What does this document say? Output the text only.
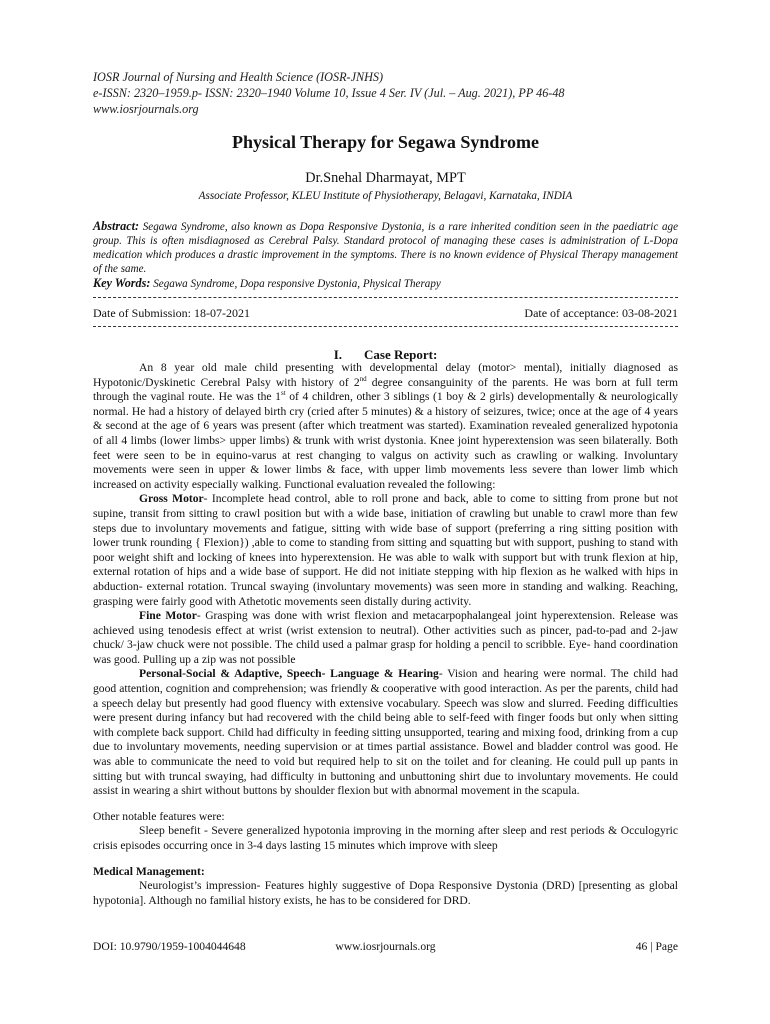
IOSR Journal of Nursing and Health Science (IOSR-JNHS)
e-ISSN: 2320–1959.p- ISSN: 2320–1940 Volume 10, Issue 4 Ser. IV (Jul. – Aug. 2021), PP 46-48
www.iosrjournals.org
Physical Therapy for Segawa Syndrome
Dr.Snehal Dharmayat, MPT
Associate Professor, KLEU Institute of Physiotherapy, Belagavi, Karnataka, INDIA
Abstract: Segawa Syndrome, also known as Dopa Responsive Dystonia, is a rare inherited condition seen in the paediatric age group. This is often misdiagnosed as Cerebral Palsy. Standard protocol of managing these cases is administration of L-Dopa medication which produces a drastic improvement in the symptoms. There is no known evidence of Physical Therapy management of the same.
Key Words: Segawa Syndrome, Dopa responsive Dystonia, Physical Therapy
Date of Submission: 18-07-2021	Date of acceptance: 03-08-2021
I. Case Report:

An 8 year old male child presenting with developmental delay (motor> mental), initially diagnosed as Hypotonic/Dyskinetic Cerebral Palsy with history of 2nd degree consanguinity of the parents. He was born at full term through the vaginal route. He was the 1st of 4 children, other 3 siblings (1 boy & 2 girls) developmentally & neurologically normal. He had a history of delayed birth cry (cried after 5 minutes) & a history of seizures, twice; once at the age of 4 years & second at the age of 6 years was present (after which treatment was started). Examination revealed generalized hypotonia of all 4 limbs (lower limbs> upper limbs) & trunk with wrist dystonia. Knee joint hyperextension was seen bilaterally. Both feet were seen to be in equino-varus at rest changing to valgus on activity such as crawling or walking. Involuntary movements were seen in upper & lower limbs & face, with upper limb movements less severe than lower limb which increased on activity especially walking. Functional evaluation revealed the following:

Gross Motor- Incomplete head control, able to roll prone and back, able to come to sitting from prone but not supine, transit from sitting to crawl position but with a wide base, initiation of crawling but unable to crawl more than few steps due to involuntary movements and fatigue, sitting with wide base of support (preferring a ring sitting position with lower trunk rounding { Flexion}) ,able to come to standing from sitting and squatting but with support, pushing to stand with poor weight shift and locking of knees into hyperextension. He was able to walk with support but with trunk flexion at hip, external rotation of hips and a wide base of support. He did not initiate stepping with hip flexion as he walked with hips in abduction- external rotation. Truncal swaying (involuntary movements) was seen more in standing and walking. Reaching, grasping were fairly good with Athetotic movements seen distally during activity.

Fine Motor- Grasping was done with wrist flexion and metacarpophalangeal joint hyperextension. Release was achieved using tenodesis effect at wrist (wrist extension to neutral). Other activities such as pincer, pad-to-pad and 2-jaw chuck/ 3-jaw chuck were not possible. The child used a palmar grasp for holding a pencil to scribble. Eye- hand coordination was good. Pulling up a zip was not possible

Personal-Social & Adaptive, Speech- Language & Hearing- Vision and hearing were normal. The child had good attention, cognition and comprehension; was friendly & cooperative with good interaction. As per the parents, child had a speech delay but presently had good fluency with extensive vocabulary. Speech was slow and slurred. Feeding difficulties were present during infancy but had recovered with the child being able to self-feed with finger foods but only when sitting with complete back support. Child had difficulty in feeding sitting unsupported, tearing and mixing food, drinking from a cup due to involuntary movements, needing supervision or at times partial assistance. Bowel and bladder control was good. He was able to communicate the need to void but required help to sit on the toilet and for cleaning. He could pull up pants in sitting but with truncal swaying, had difficulty in buttoning and unbuttoning shirt due to involuntary movements. He could assist in wearing a shirt without buttons by shoulder flexion but with abnormal movement in the scapula.

Other notable features were:

Sleep benefit - Severe generalized hypotonia improving in the morning after sleep and rest periods & Occulogyric crisis episodes occurring once in 3-4 days lasting 15 minutes which improve with sleep

Medical Management:

Neurologist’s impression- Features highly suggestive of Dopa Responsive Dystonia (DRD) [presenting as global hypotonia]. Although no familial history exists, he has to be considered for DRD.

DOI: 10.9790/1959-1004044648	www.iosrjournals.org	46 | Page
